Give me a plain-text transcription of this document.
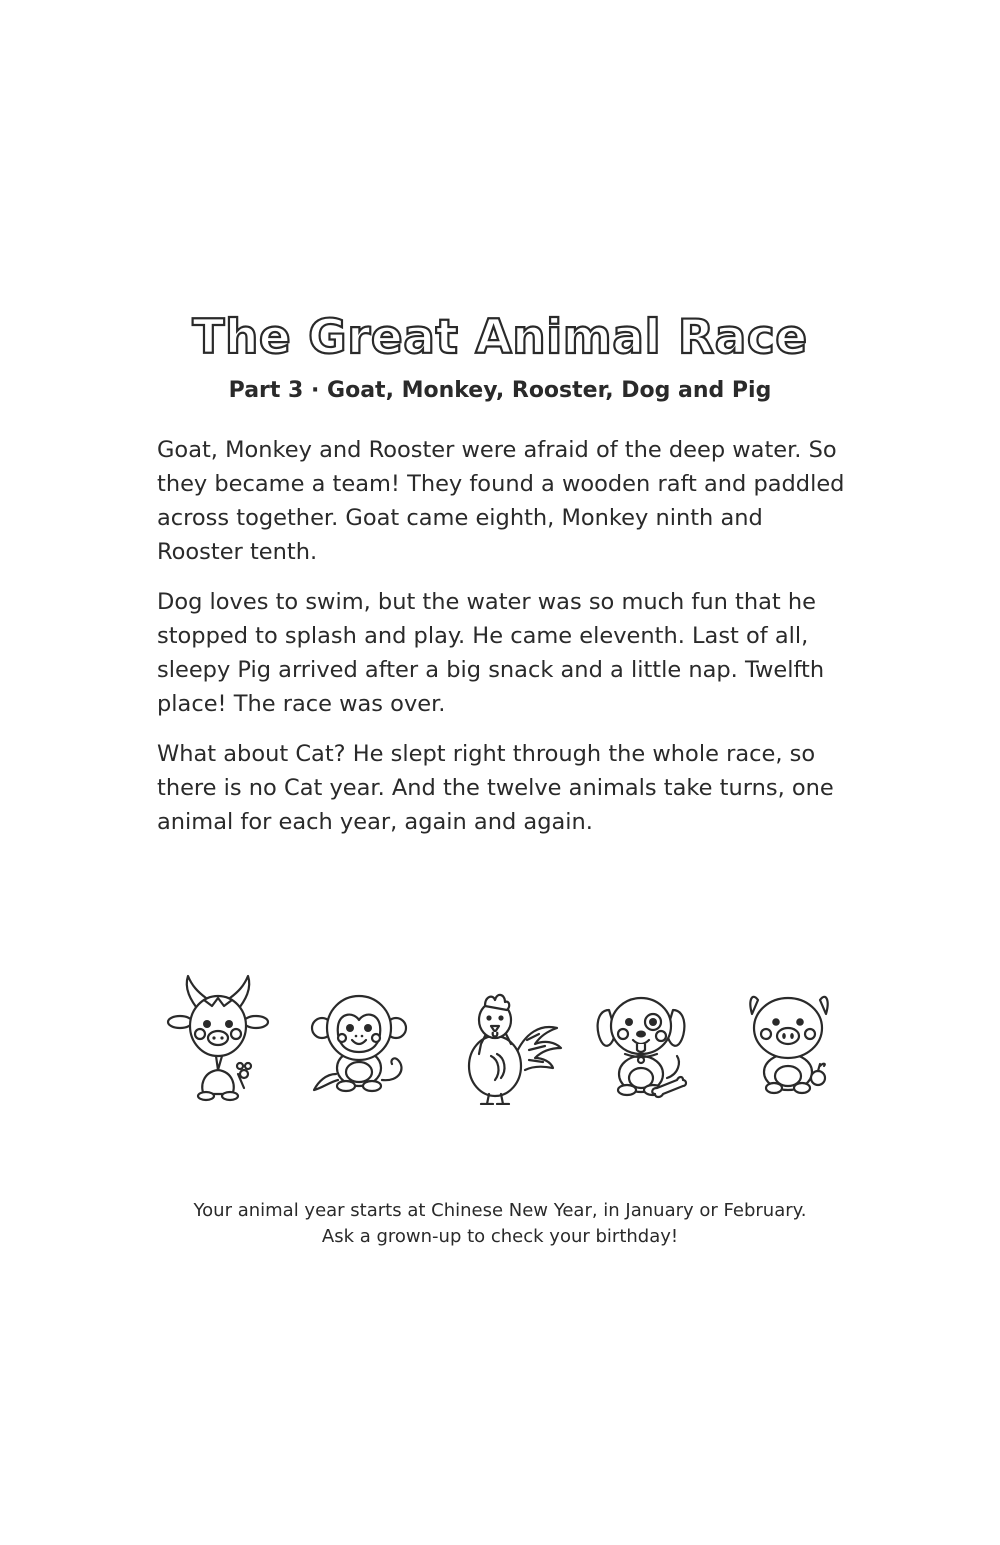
The Great Animal Race
Part 3 · Goat, Monkey, Rooster, Dog and Pig

Goat, Monkey and Rooster were afraid of the deep water. So they became a team! They found a wooden raft and paddled across together. Goat came eighth, Monkey ninth and Rooster tenth.

Dog loves to swim, but the water was so much fun that he stopped to splash and play. He came eleventh. Last of all, sleepy Pig arrived after a big snack and a little nap. Twelfth place! The race was over.

What about Cat? He slept right through the whole race, so there is no Cat year. And the twelve animals take turns, one animal for each year, again and again.

Your animal year starts at Chinese New Year, in January or February.
Ask a grown-up to check your birthday!
